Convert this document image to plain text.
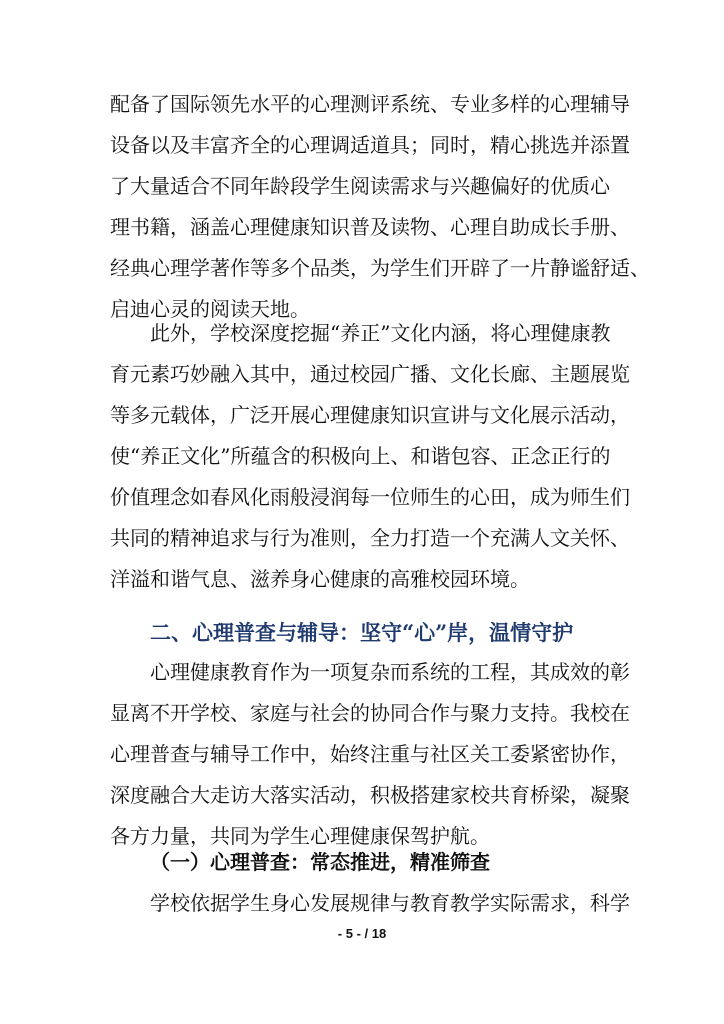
配备了国际领先水平的心理测评系统、专业多样的心理辅导
设备以及丰富齐全的心理调适道具；同时，精心挑选并添置
了大量适合不同年龄段学生阅读需求与兴趣偏好的优质心
理书籍，涵盖心理健康知识普及读物、心理自助成长手册、
经典心理学著作等多个品类，为学生们开辟了一片静谧舒适、
启迪心灵的阅读天地。
此外，学校深度挖掘“养正”文化内涵，将心理健康教
育元素巧妙融入其中，通过校园广播、文化长廊、主题展览
等多元载体，广泛开展心理健康知识宣讲与文化展示活动，
使“养正文化”所蕴含的积极向上、和谐包容、正念正行的
价值理念如春风化雨般浸润每一位师生的心田，成为师生们
共同的精神追求与行为准则，全力打造一个充满人文关怀、
洋溢和谐气息、滋养身心健康的高雅校园环境。
二、心理普查与辅导：坚守“心”岸，温情守护
心理健康教育作为一项复杂而系统的工程，其成效的彰
显离不开学校、家庭与社会的协同合作与聚力支持。我校在
心理普查与辅导工作中，始终注重与社区关工委紧密协作，
深度融合大走访大落实活动，积极搭建家校共育桥梁，凝聚
各方力量，共同为学生心理健康保驾护航。
（一）心理普查：常态推进，精准筛查
学校依据学生身心发展规律与教育教学实际需求，科学
- 5 - / 18
